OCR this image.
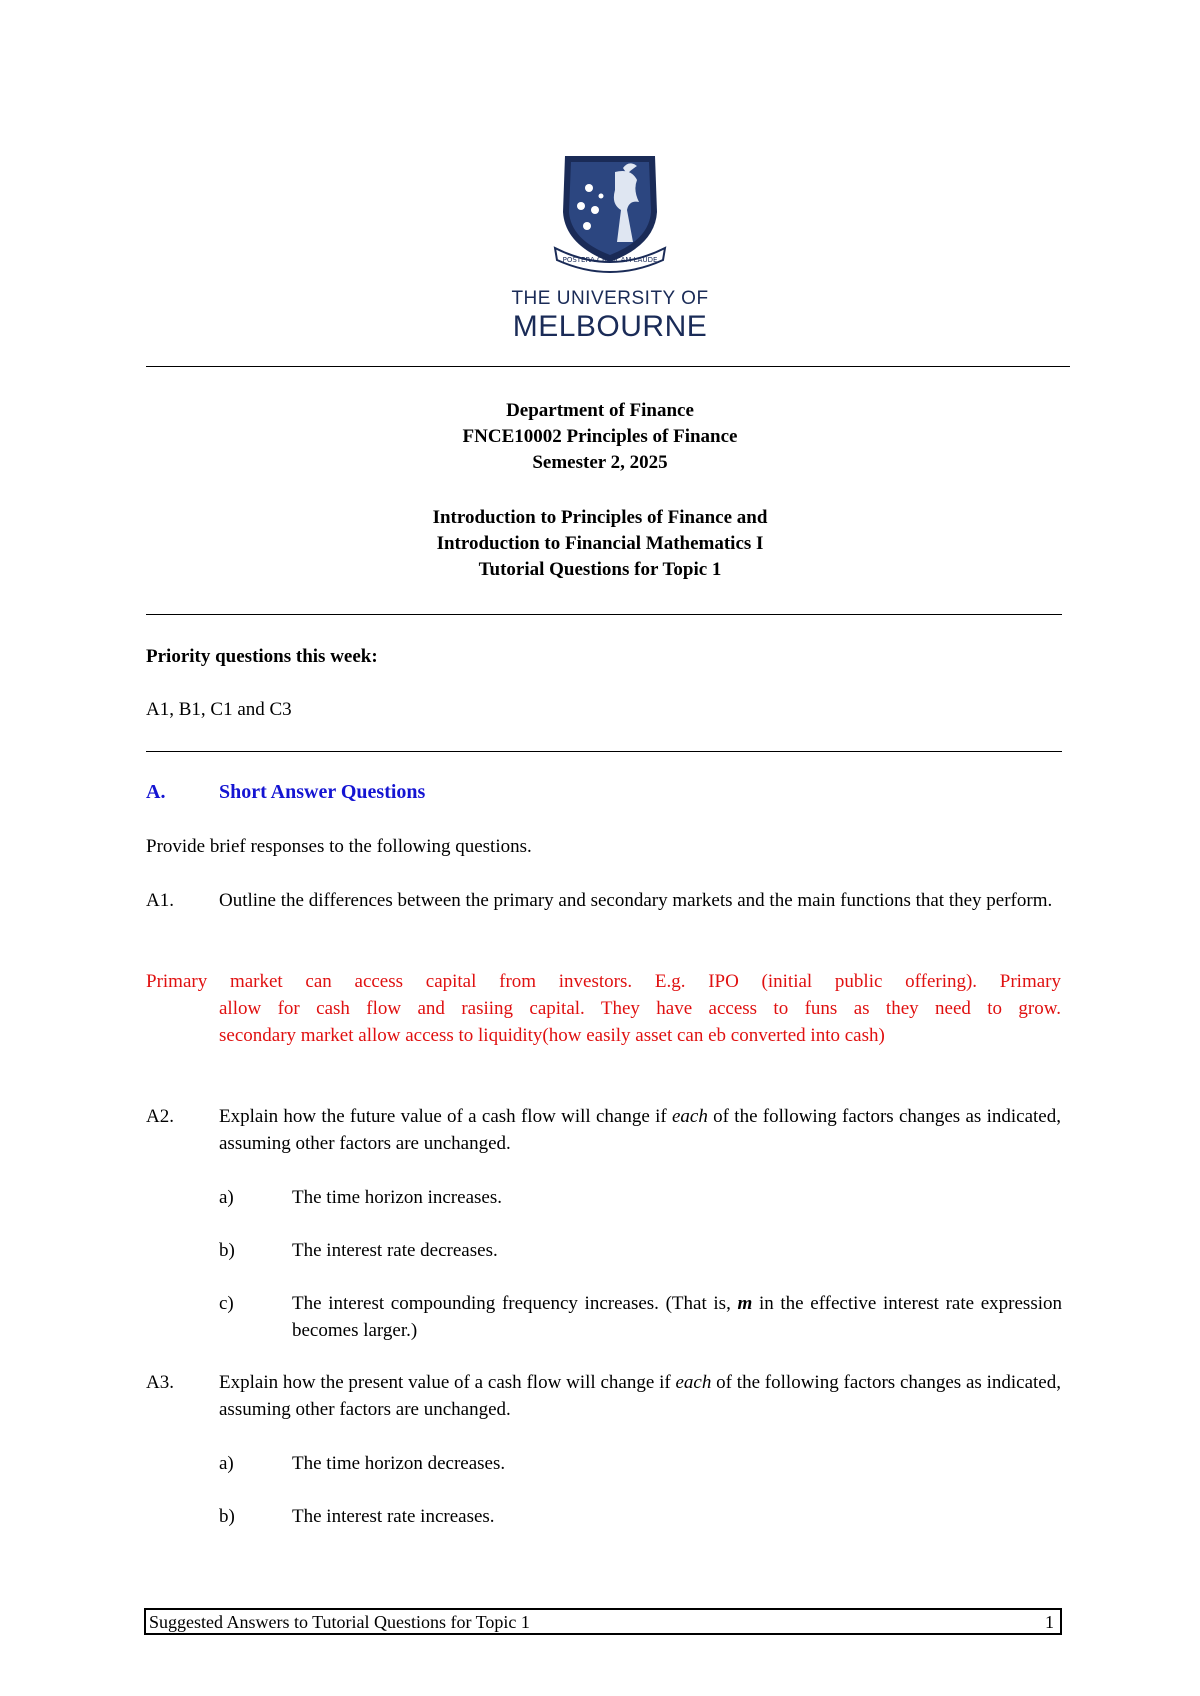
POSTERA CRESCAM LAUDE
THE UNIVERSITY OF
MELBOURNE
Department of Finance
FNCE10002 Principles of Finance
Semester 2, 2025
Introduction to Principles of Finance and
Introduction to Financial Mathematics I
Tutorial Questions for Topic 1
Priority questions this week:
A1, B1, C1 and C3
A.	Short Answer Questions
Provide brief responses to the following questions.
A1. Outline the differences between the primary and secondary markets and the main functions that they perform.
Primary market can access capital from investors. E.g. IPO (initial public offering). Primary
allow for cash flow and rasiing capital. They have access to funs as they need to grow.
secondary market allow access to liquidity(how easily asset can eb converted into cash)
A2. Explain how the future value of a cash flow will change if each of the following factors changes as indicated, assuming other factors are unchanged.
a)	The time horizon increases.
b)	The interest rate decreases.
c)	The interest compounding frequency increases. (That is, m in the effective interest rate expression becomes larger.)
A3. Explain how the present value of a cash flow will change if each of the following factors changes as indicated, assuming other factors are unchanged.
a)	The time horizon decreases.
b)	The interest rate increases.
Suggested Answers to Tutorial Questions for Topic 1	1
